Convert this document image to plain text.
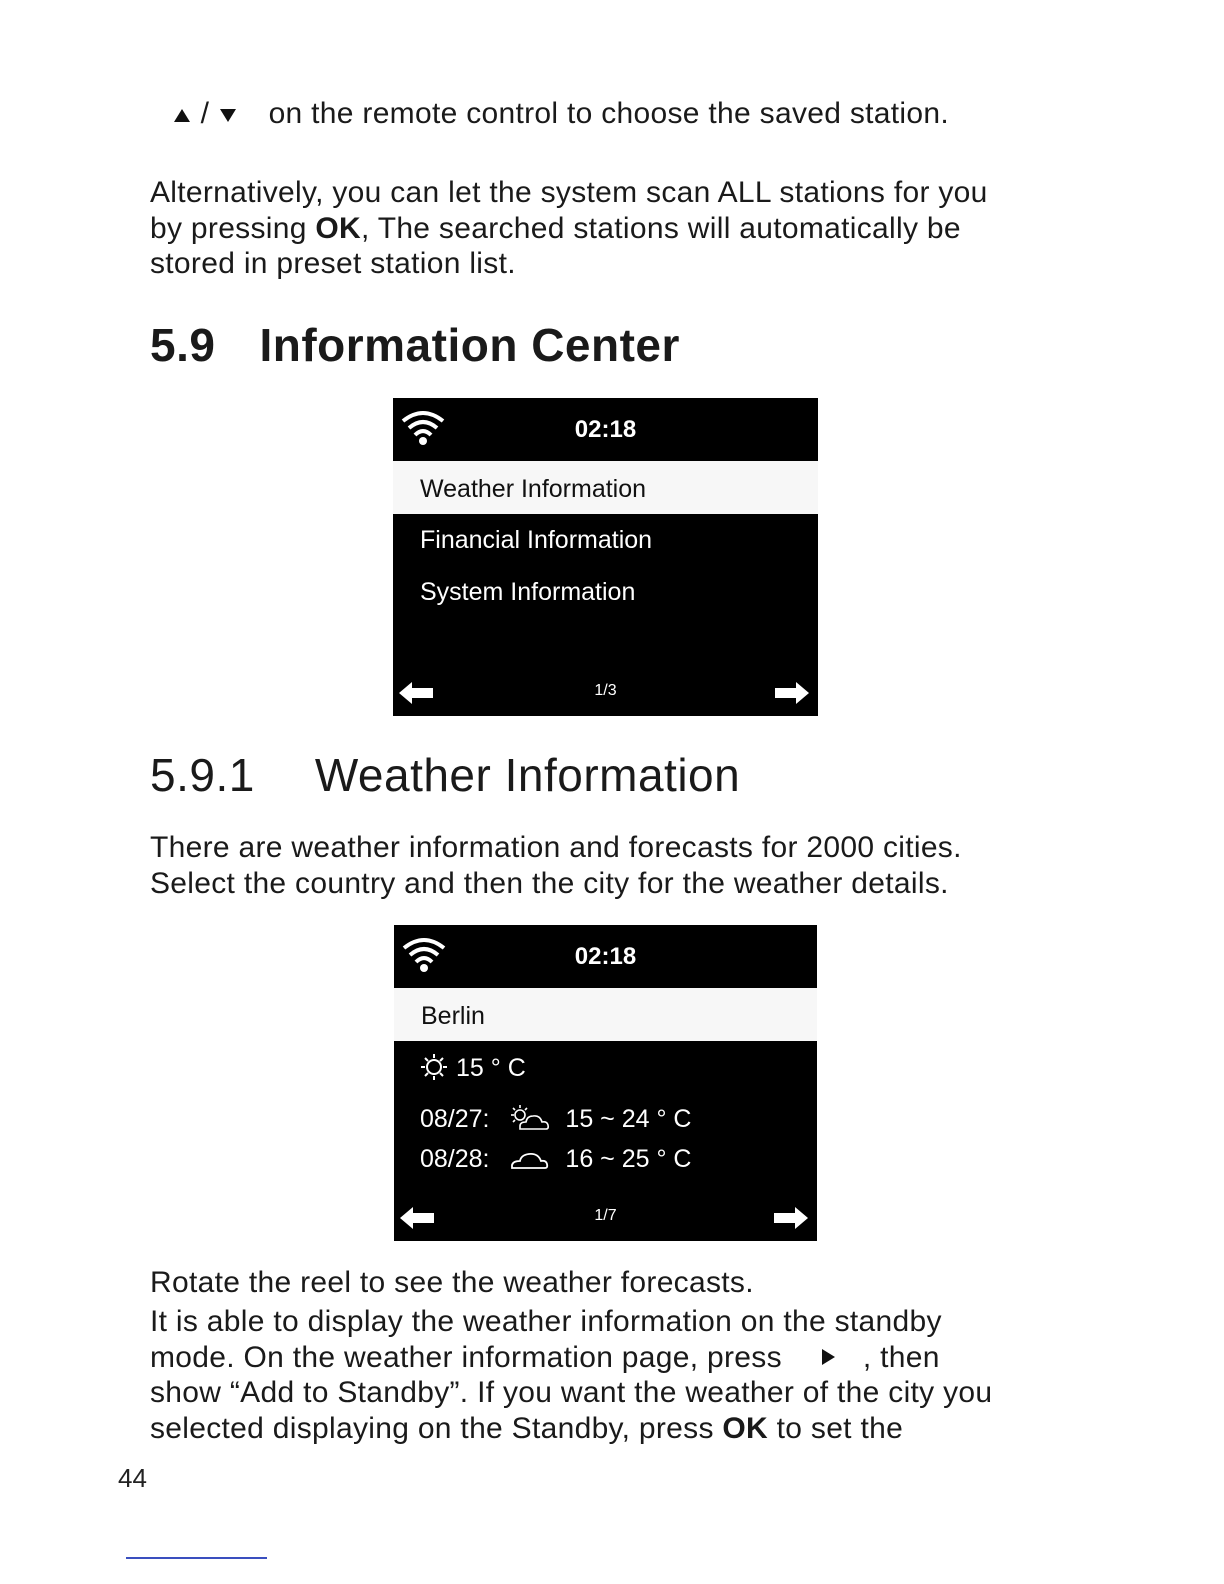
/ on the remote control to choose the saved station.
Alternatively, you can let the system scan ALL stations for you
by pressing OK, The searched stations will automatically be
stored in preset station list.
5.9 Information Center
02:18
Weather Information
Financial Information
System Information
1/3
5.9.1 Weather Information
There are weather information and forecasts for 2000 cities.
Select the country and then the city for the weather details.
02:18
Berlin
15 ° C
08/27:	15 ~ 24 ° C
08/28:	16 ~ 25 ° C
1/7
Rotate the reel to see the weather forecasts.
It is able to display the weather information on the standby
mode. On the weather information page, press	, then
show “Add to Standby”. If you want the weather of the city you
selected displaying on the Standby, press OK to set the
44
